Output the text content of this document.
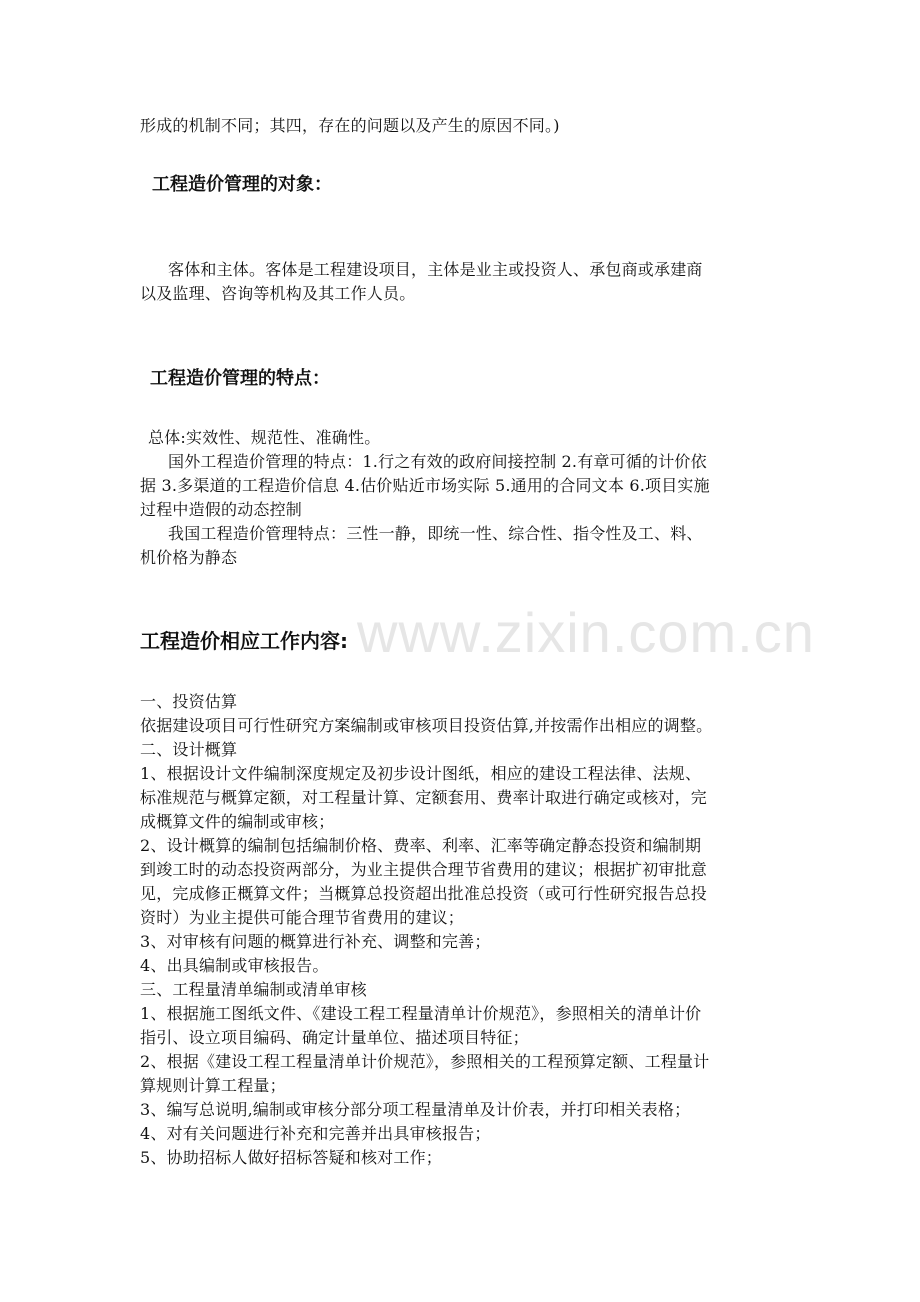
www.zixin.com.cn
形成的机制不同；其四，存在的问题以及产生的原因不同。)
工程造价管理的对象：
客体和主体。客体是工程建设项目，主体是业主或投资人、承包商或承建商
以及监理、咨询等机构及其工作人员。
工程造价管理的特点：
总体:实效性、规范性、准确性。
国外工程造价管理的特点：1.行之有效的政府间接控制 2.有章可循的计价依
据 3.多渠道的工程造价信息 4.估价贴近市场实际 5.通用的合同文本 6.项目实施
过程中造假的动态控制
我国工程造价管理特点：三性一静，即统一性、综合性、指令性及工、料、
机价格为静态
工程造价相应工作内容:
一、投资估算
依据建设项目可行性研究方案编制或审核项目投资估算,并按需作出相应的调整。
二、设计概算
1、根据设计文件编制深度规定及初步设计图纸，相应的建设工程法律、法规、
标准规范与概算定额，对工程量计算、定额套用、费率计取进行确定或核对，完
成概算文件的编制或审核；
2、设计概算的编制包括编制价格、费率、利率、汇率等确定静态投资和编制期
到竣工时的动态投资两部分，为业主提供合理节省费用的建议；根据扩初审批意
见，完成修正概算文件；当概算总投资超出批准总投资（或可行性研究报告总投
资时）为业主提供可能合理节省费用的建议；
3、对审核有问题的概算进行补充、调整和完善；
4、出具编制或审核报告。
三、工程量清单编制或清单审核
1、根据施工图纸文件、《建设工程工程量清单计价规范》，参照相关的清单计价
指引、设立项目编码、确定计量单位、描述项目特征；
2、根据《建设工程工程量清单计价规范》，参照相关的工程预算定额、工程量计
算规则计算工程量；
3、编写总说明,编制或审核分部分项工程量清单及计价表，并打印相关表格；
4、对有关问题进行补充和完善并出具审核报告；
5、协助招标人做好招标答疑和核对工作；
